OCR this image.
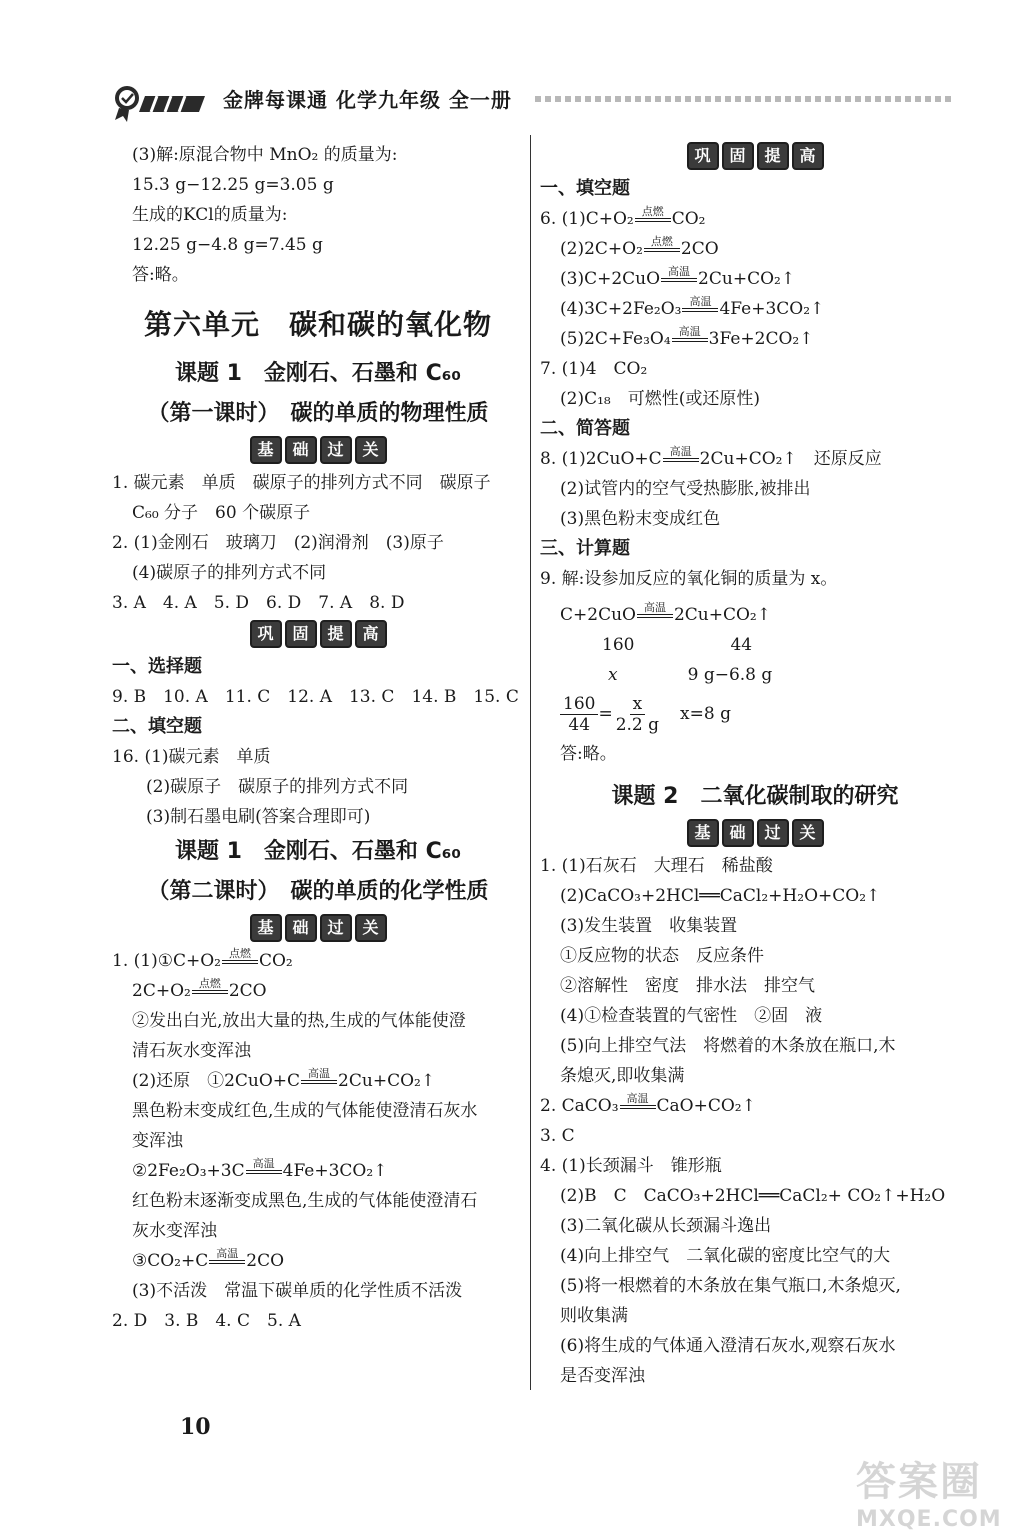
金牌每课通 化学九年级 全一册
(3)解:原混合物中 MnO₂ 的质量为:
15.3 g−12.25 g=3.05 g
生成的KCl的质量为:
12.25 g−4.8 g=7.45 g
答:略。
第六单元　碳和碳的氧化物
课题 1　金刚石、石墨和 C₆₀
（第一课时）　碳的单质的物理性质
基	础	过	关
1. 碳元素　单质　碳原子的排列方式不同　碳原子
C₆₀ 分子　60 个碳原子
2. (1)金刚石　玻璃刀　(2)润滑剂　(3)原子
(4)碳原子的排列方式不同
3. A　4. A　5. D　6. D　7. A　8. D
巩	固	提	高
一、选择题
9. B　10. A　11. C　12. A　13. C　14. B　15. C
二、填空题
16. (1)碳元素　单质
(2)碳原子　碳原子的排列方式不同
(3)制石墨电刷(答案合理即可)
课题 1　金刚石、石墨和 C₆₀
（第二课时）　碳的单质的化学性质
基	础	过	关
1. (1)①C+O₂ 点燃 CO₂
2C+O₂ 点燃 2CO
②发出白光,放出大量的热,生成的气体能使澄
清石灰水变浑浊
(2)还原　①2CuO+C 高温 2Cu+CO₂↑
黑色粉末变成红色,生成的气体能使澄清石灰水
变浑浊
②2Fe₂O₃+3C 高温 4Fe+3CO₂↑
红色粉末逐渐变成黑色,生成的气体能使澄清石
灰水变浑浊
③CO₂+C 高温 2CO
(3)不活泼　常温下碳单质的化学性质不活泼
2. D　3. B　4. C　5. A
巩	固	提	高
一、填空题
6. (1)C+O₂ 点燃 CO₂
(2)2C+O₂ 点燃 2CO
(3)C+2CuO 高温 2Cu+CO₂↑
(4)3C+2Fe₂O₃ 高温 4Fe+3CO₂↑
(5)2C+Fe₃O₄ 高温 3Fe+2CO₂↑
7. (1)4　CO₂
(2)C₁₈　可燃性(或还原性)
二、简答题
8. (1)2CuO+C 高温 2Cu+CO₂↑　还原反应
(2)试管内的空气受热膨胀,被排出
(3)黑色粉末变成红色
三、计算题
9. 解:设参加反应的氧化铜的质量为 x。
C+2CuO 高温 2Cu+CO₂↑
160	44
x	9 g−6.8 g
$\frac{160}{44} = \frac{x}{2.2 g} x=8$ g
答:略。
课题 2　二氧化碳制取的研究
基	础	过	关
1. (1)石灰石　大理石　稀盐酸
(2)CaCO₃+2HCl══CaCl₂+H₂O+CO₂↑
(3)发生装置　收集装置
①反应物的状态　反应条件
②溶解性　密度　排水法　排空气
(4)①检查装置的气密性　②固　液
(5)向上排空气法　将燃着的木条放在瓶口,木
条熄灭,即收集满
2. CaCO₃ 高温 CaO+CO₂↑
3. C
4. (1)长颈漏斗　锥形瓶
(2)B　C　CaCO₃+2HCl══CaCl₂+ CO₂↑+H₂O
(3)二氧化碳从长颈漏斗逸出
(4)向上排空气　二氧化碳的密度比空气的大
(5)将一根燃着的木条放在集气瓶口,木条熄灭,
则收集满
(6)将生成的气体通入澄清石灰水,观察石灰水
是否变浑浊
10
答案圈
MXQE.COM
